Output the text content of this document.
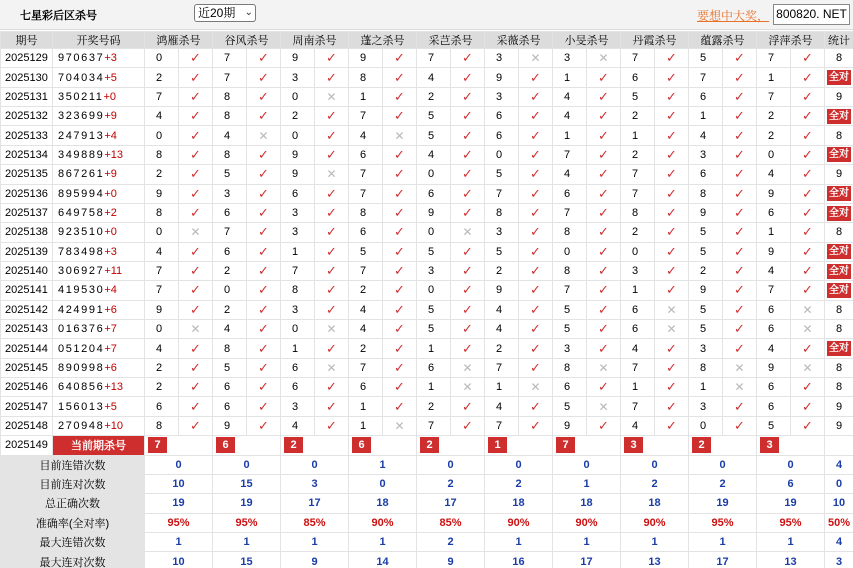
七星彩后区杀号	近20期 ⌄	要想中大奖， 800820. NET
期号	开奖号码	鸿雁杀号		谷风杀号		周南杀号		蓬之杀号		采芑杀号		采薇杀号		小旻杀号		丹霞杀号		蕴露杀号		浮萍杀号		统计
2025129	970637+3	0	✓	7	✓	9	✓	9	✓	7	✓	3	✕	3	✕	7	✓	5	✓	7	✓	8
2025130	704034+5	2	✓	7	✓	3	✓	8	✓	4	✓	9	✓	1	✓	6	✓	7	✓	1	✓	全对
2025131	350211+0	7	✓	8	✓	0	✕	1	✓	2	✓	3	✓	4	✓	5	✓	6	✓	7	✓	9
2025132	323699+9	4	✓	8	✓	2	✓	7	✓	5	✓	6	✓	4	✓	2	✓	1	✓	2	✓	全对
2025133	247913+4	0	✓	4	✕	0	✓	4	✕	5	✓	6	✓	1	✓	1	✓	4	✓	2	✓	8
2025134	349889+13	8	✓	8	✓	9	✓	6	✓	4	✓	0	✓	7	✓	2	✓	3	✓	0	✓	全对
2025135	867261+9	2	✓	5	✓	9	✕	7	✓	0	✓	5	✓	4	✓	7	✓	6	✓	4	✓	9
2025136	895994+0	9	✓	3	✓	6	✓	7	✓	6	✓	7	✓	6	✓	7	✓	8	✓	9	✓	全对
2025137	649758+2	8	✓	6	✓	3	✓	8	✓	9	✓	8	✓	7	✓	8	✓	9	✓	6	✓	全对
2025138	923510+0	0	✕	7	✓	3	✓	6	✓	0	✕	3	✓	8	✓	2	✓	5	✓	1	✓	8
2025139	783498+3	4	✓	6	✓	1	✓	5	✓	5	✓	5	✓	0	✓	0	✓	5	✓	9	✓	全对
2025140	306927+11	7	✓	2	✓	7	✓	7	✓	3	✓	2	✓	8	✓	3	✓	2	✓	4	✓	全对
2025141	419530+4	7	✓	0	✓	8	✓	2	✓	0	✓	9	✓	7	✓	1	✓	9	✓	7	✓	全对
2025142	424991+6	9	✓	2	✓	3	✓	4	✓	5	✓	4	✓	5	✓	6	✕	5	✓	6	✕	8
2025143	016376+7	0	✕	4	✓	0	✕	4	✓	5	✓	4	✓	5	✓	6	✕	5	✓	6	✕	8
2025144	051204+7	4	✓	8	✓	1	✓	2	✓	1	✓	2	✓	3	✓	4	✓	3	✓	4	✓	全对
2025145	890998+6	2	✓	5	✓	6	✕	7	✓	6	✕	7	✓	8	✕	7	✓	8	✕	9	✕	8
2025146	640856+13	2	✓	6	✓	6	✓	6	✓	1	✕	1	✕	6	✓	1	✓	1	✕	6	✓	8
2025147	156013+5	6	✓	6	✓	3	✓	1	✓	2	✓	4	✓	5	✕	7	✓	3	✓	6	✓	9
2025148	270948+10	8	✓	9	✓	4	✓	1	✕	7	✓	7	✓	9	✓	4	✓	0	✓	5	✓	9
2025149	当前期杀号	7		6		2		6		2		1		7		3		2		3		
目前连错次数		0		0		0		1		0		0		0		0		0		0		4
目前连对次数		10		15		3		0		2		2		1		2		2		6		0
总正确次数		19		19		17		18		17		18		18		18		19		19		10
准确率(全对率)		95%		95%		85%		90%		85%		90%		90%		90%		95%		95%		50%
最大连错次数		1		1		1		1		2		1		1		1		1		1		4
最大连对次数		10		15		9		14		9		16		17		13		17		13		3
